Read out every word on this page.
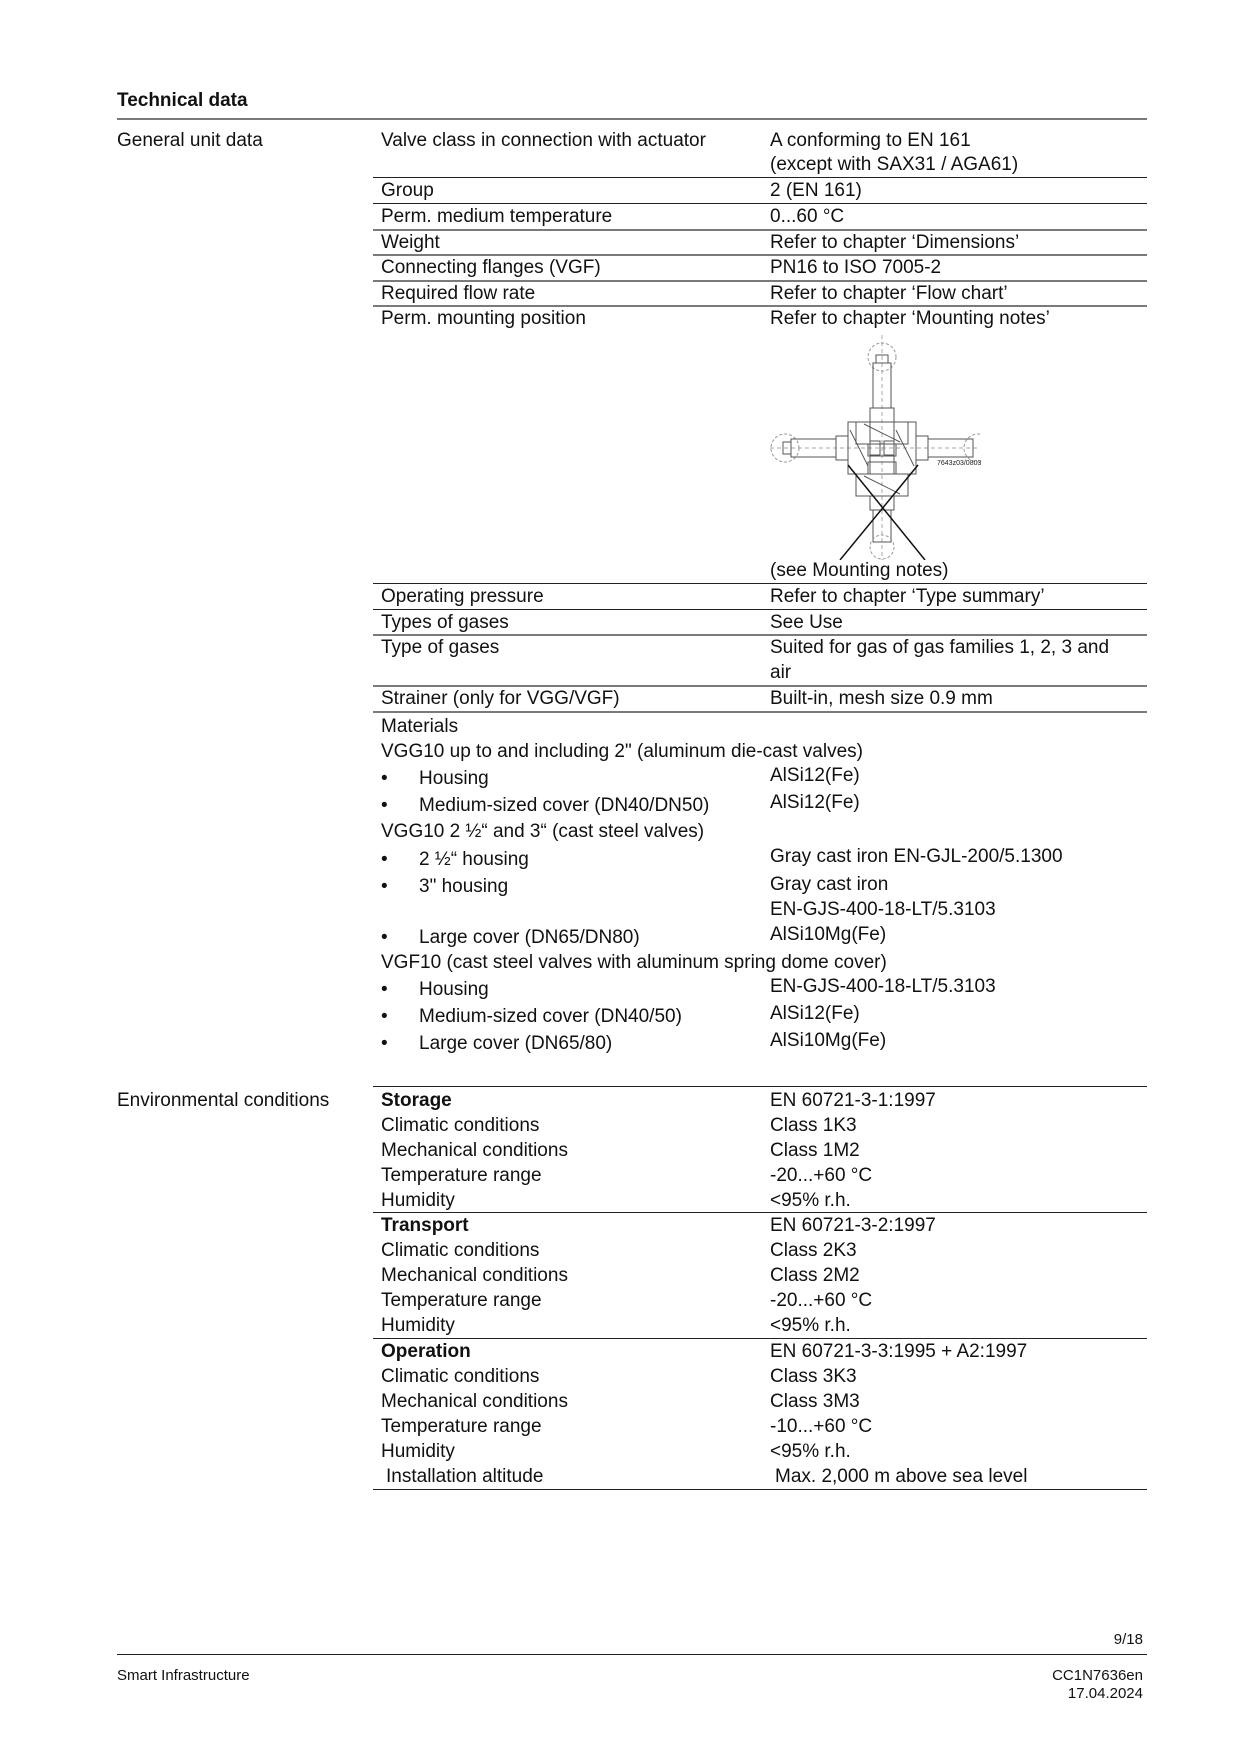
Technical data
General unit data	Valve class in connection with actuator	A conforming to EN 161
(except with SAX31 / AGA61)
Group	2 (EN 161)
Perm. medium temperature	0...60 °C
Weight	Refer to chapter ‘Dimensions’
Connecting flanges (VGF)	PN16 to ISO 7005-2
Required flow rate	Refer to chapter ‘Flow chart’
Perm. mounting position	Refer to chapter ‘Mounting notes’
7643z03/0803
(see Mounting notes)
Operating pressure	Refer to chapter ‘Type summary’
Types of gases	See Use
Type of gases	Suited for gas of gas families 1, 2, 3 and
air
Strainer (only for VGG/VGF)	Built-in, mesh size 0.9 mm
Materials
VGG10 up to and including 2" (aluminum die-cast valves)
• Housing	AlSi12(Fe)
• Medium-sized cover (DN40/DN50)	AlSi12(Fe)
VGG10 2 ½“ and 3“ (cast steel valves)
• 2 ½“ housing	Gray cast iron EN-GJL-200/5.1300
• 3" housing	Gray cast iron
EN-GJS-400-18-LT/5.3103
• Large cover (DN65/DN80)	AlSi10Mg(Fe)
VGF10 (cast steel valves with aluminum spring dome cover)
• Housing	EN-GJS-400-18-LT/5.3103
• Medium-sized cover (DN40/50)	AlSi12(Fe)
• Large cover (DN65/80)	AlSi10Mg(Fe)
Environmental conditions	Storage	EN 60721-3-1:1997
Climatic conditions	Class 1K3
Mechanical conditions	Class 1M2
Temperature range	-20...+60 °C
Humidity	<95% r.h.
Transport	EN 60721-3-2:1997
Climatic conditions	Class 2K3
Mechanical conditions	Class 2M2
Temperature range	-20...+60 °C
Humidity	<95% r.h.
Operation	EN 60721-3-3:1995 + A2:1997
Climatic conditions	Class 3K3
Mechanical conditions	Class 3M3
Temperature range	-10...+60 °C
Humidity	<95% r.h.
Installation altitude	Max. 2,000 m above sea level
9/18
Smart Infrastructure	CC1N7636en
17.04.2024
